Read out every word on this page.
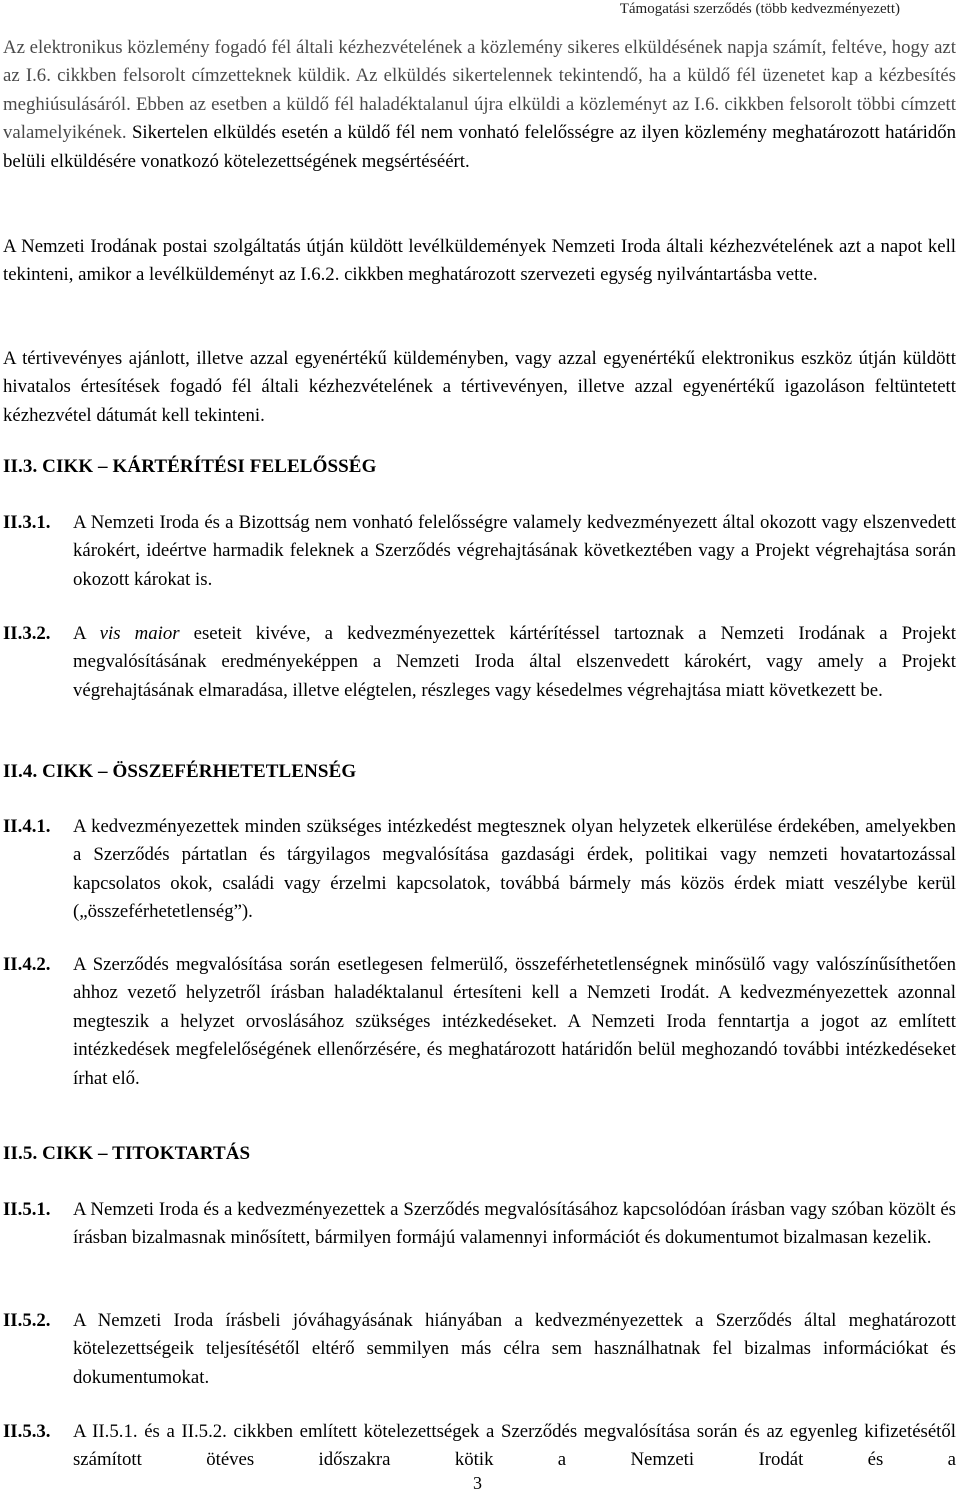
Támogatási szerződés (több kedvezményezett)

Az elektronikus közlemény fogadó fél általi kézhezvételének a közlemény sikeres elküldésének napja számít, feltéve, hogy azt az I.6. cikkben felsorolt címzetteknek küldik. Az elküldés sikertelennek tekintendő, ha a küldő fél üzenetet kap a kézbesítés meghiúsulásáról. Ebben az esetben a küldő fél haladéktalanul újra elküldi a közleményt az I.6. cikkben felsorolt többi címzett valamelyikének. Sikertelen elküldés esetén a küldő fél nem vonható felelősségre az ilyen közlemény meghatározott határidőn belüli elküldésére vonatkozó kötelezettségének megsértéséért.

A Nemzeti Irodának postai szolgáltatás útján küldött levélküldemények Nemzeti Iroda általi kézhezvételének azt a napot kell tekinteni, amikor a levélküldeményt az I.6.2. cikkben meghatározott szervezeti egység nyilvántartásba vette.

A tértivevényes ajánlott, illetve azzal egyenértékű küldeményben, vagy azzal egyenértékű elektronikus eszköz útján küldött hivatalos értesítések fogadó fél általi kézhezvételének a tértivevényen, illetve azzal egyenértékű igazoláson feltüntetett kézhezvétel dátumát kell tekinteni.

II.3. CIKK – KÁRTÉRÍTÉSI FELELŐSSÉG
II.3.1. A Nemzeti Iroda és a Bizottság nem vonható felelősségre valamely kedvezményezett által okozott vagy elszenvedett károkért, ideértve harmadik feleknek a Szerződés végrehajtásának következtében vagy a Projekt végrehajtása során okozott károkat is.
II.3.2. A vis maior eseteit kivéve, a kedvezményezettek kártérítéssel tartoznak a Nemzeti Irodának a Projekt megvalósításának eredményeképpen a Nemzeti Iroda által elszenvedett károkért, vagy amely a Projekt végrehajtásának elmaradása, illetve elégtelen, részleges vagy késedelmes végrehajtása miatt következett be.
II.4. CIKK – ÖSSZEFÉRHETETLENSÉG
II.4.1. A kedvezményezettek minden szükséges intézkedést megtesznek olyan helyzetek elkerülése érdekében, amelyekben a Szerződés pártatlan és tárgyilagos megvalósítása gazdasági érdek, politikai vagy nemzeti hovatartozással kapcsolatos okok, családi vagy érzelmi kapcsolatok, továbbá bármely más közös érdek miatt veszélybe kerül („összeférhetetlenség”).
II.4.2. A Szerződés megvalósítása során esetlegesen felmerülő, összeférhetetlenségnek minősülő vagy valószínűsíthetően ahhoz vezető helyzetről írásban haladéktalanul értesíteni kell a Nemzeti Irodát. A kedvezményezettek azonnal megteszik a helyzet orvoslásához szükséges intézkedéseket. A Nemzeti Iroda fenntartja a jogot az említett intézkedések megfelelőségének ellenőrzésére, és meghatározott határidőn belül meghozandó további intézkedéseket írhat elő.
II.5. CIKK – TITOKTARTÁS
II.5.1. A Nemzeti Iroda és a kedvezményezettek a Szerződés megvalósításához kapcsolódóan írásban vagy szóban közölt és írásban bizalmasnak minősített, bármilyen formájú valamennyi információt és dokumentumot bizalmasan kezelik.
II.5.2. A Nemzeti Iroda írásbeli jóváhagyásának hiányában a kedvezményezettek a Szerződés által meghatározott kötelezettségeik teljesítésétől eltérő semmilyen más célra sem használhatnak fel bizalmas információkat és dokumentumokat.
II.5.3. A II.5.1. és a II.5.2. cikkben említett kötelezettségek a Szerződés megvalósítása során és az egyenleg kifizetésétől számított ötéves időszakra kötik a Nemzeti Irodát és a
3
